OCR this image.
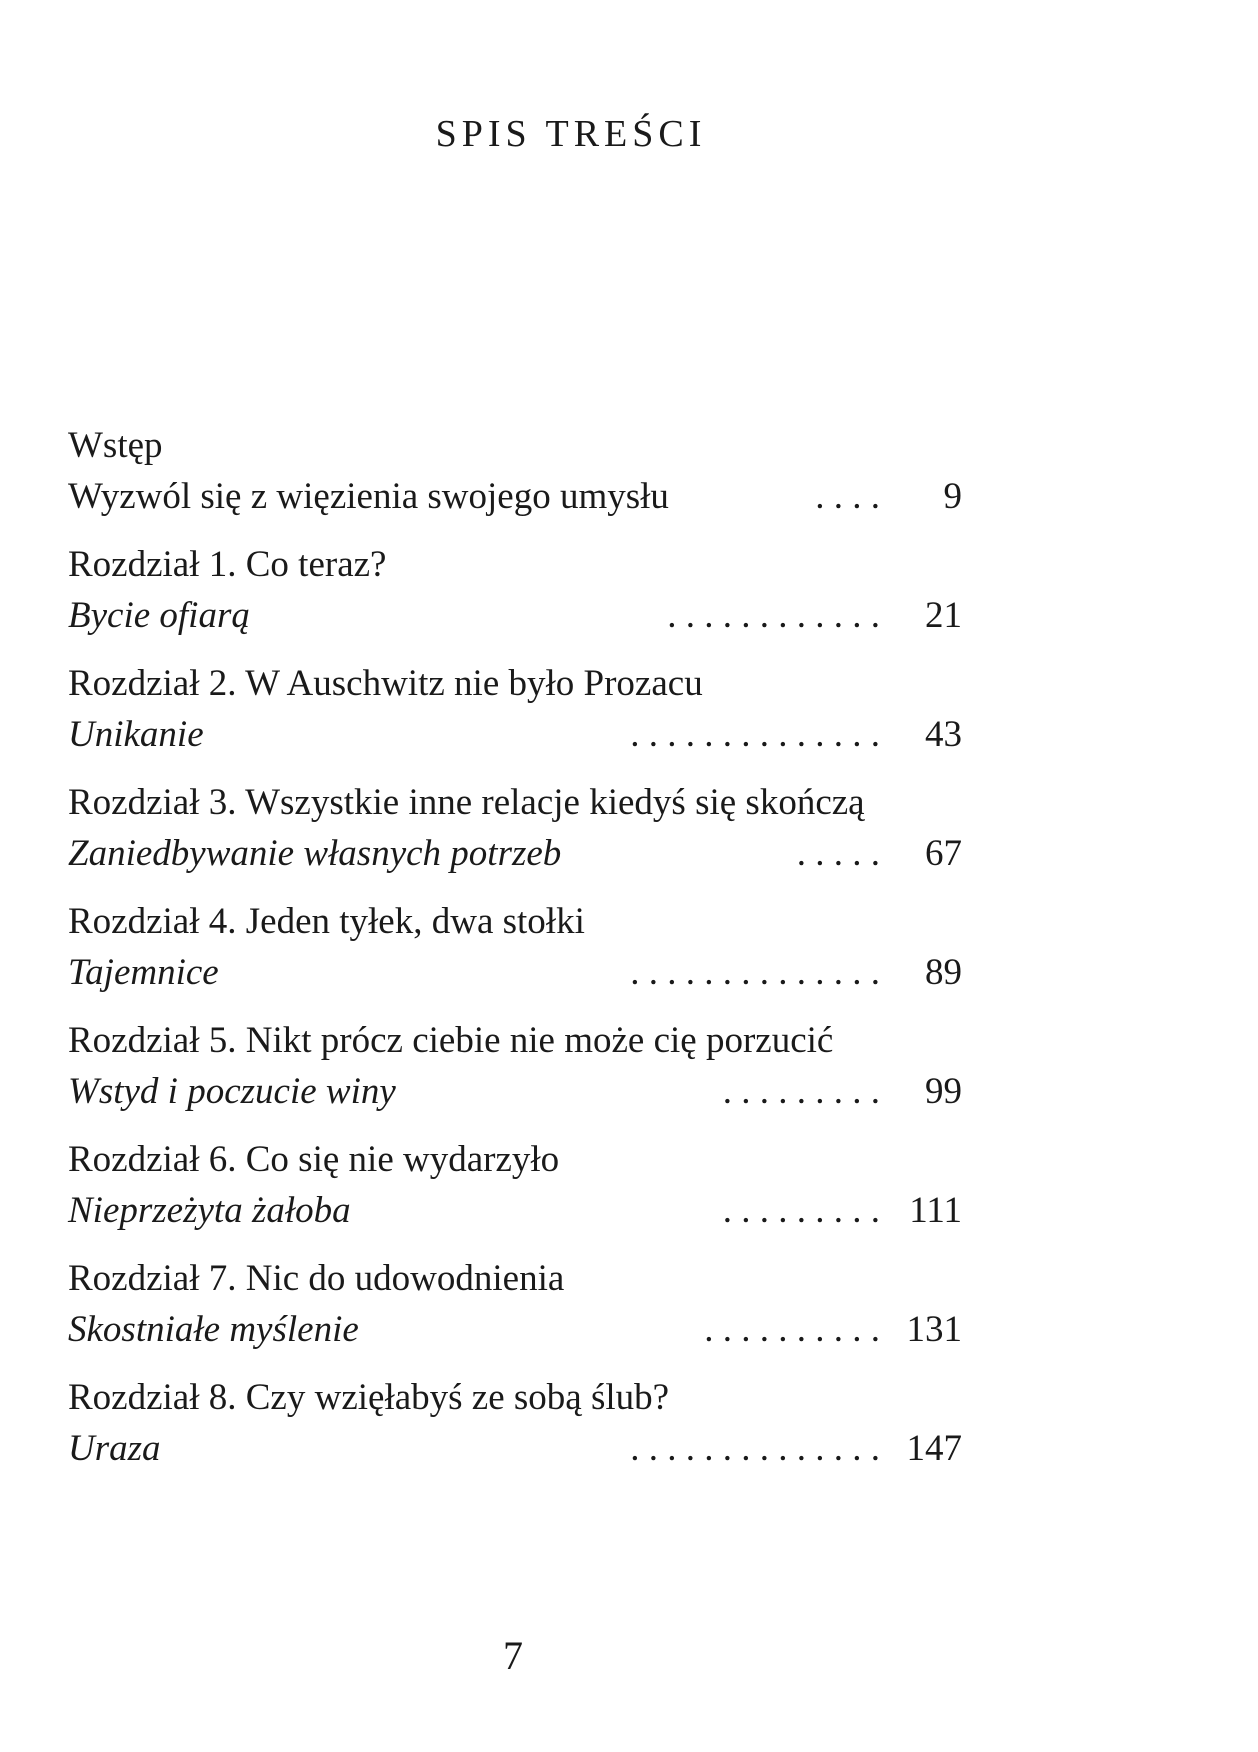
SPIS TREŚCI
Wstęp
Wyzwól się z więzienia swojego umysłu	. . . . 9
Rozdział 1. Co teraz?
Bycie ofiarą	. . . . . . . . . . . . 21
Rozdział 2. W Auschwitz nie było Prozacu
Unikanie	. . . . . . . . . . . . . . 43
Rozdział 3. Wszystkie inne relacje kiedyś się skończą
Zaniedbywanie własnych potrzeb	. . . . . 67
Rozdział 4. Jeden tyłek, dwa stołki
Tajemnice	. . . . . . . . . . . . . . 89
Rozdział 5. Nikt prócz ciebie nie może cię porzucić
Wstyd i poczucie winy	. . . . . . . . . 99
Rozdział 6. Co się nie wydarzyło
Nieprzeżyta żałoba	. . . . . . . . . 111
Rozdział 7. Nic do udowodnienia
Skostniałe myślenie	. . . . . . . . . . 131
Rozdział 8. Czy wzięłabyś ze sobą ślub?
Uraza	. . . . . . . . . . . . . . 147
7
